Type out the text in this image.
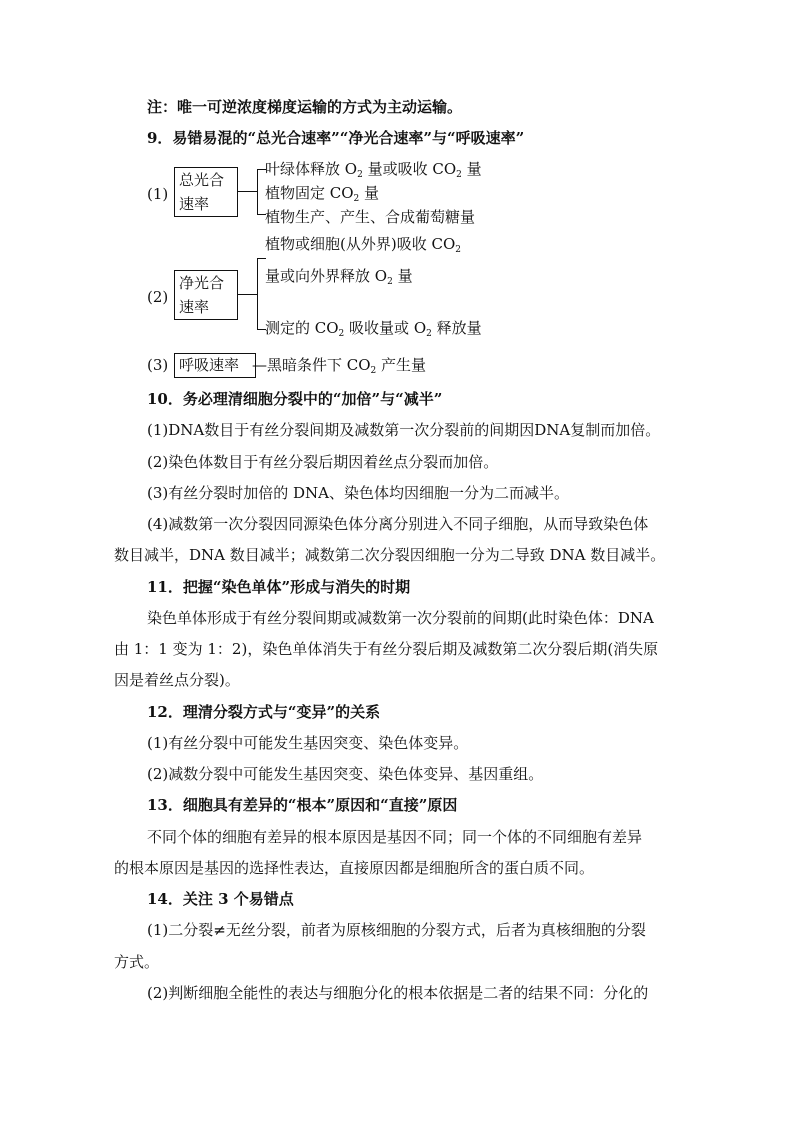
注：唯一可逆浓度梯度运输的方式为主动运输。
9．易错易混的“总光合速率”“净光合速率”与“呼吸速率”
(1)
总光合
速率
叶绿体释放 $O_2$ 量或吸收 $CO_2$ 量
植物固定 $CO_2$ 量
植物生产、产生、合成葡萄糖量
(2)
净光合
速率
植物或细胞(从外界)吸收 $CO_2$
量或向外界释放 $O_2$ 量
测定的 $CO_2$ 吸收量或 $O_2$ 释放量
(3) 呼吸速率 —黑暗条件下 $CO_2$ 产生量
10．务必理清细胞分裂中的“加倍”与“减半”
(1)DNA数目于有丝分裂间期及减数第一次分裂前的间期因DNA复制而加倍。
(2)染色体数目于有丝分裂后期因着丝点分裂而加倍。
(3)有丝分裂时加倍的 DNA、染色体均因细胞一分为二而减半。
(4)减数第一次分裂因同源染色体分离分别进入不同子细胞，从而导致染色体
数目减半，DNA 数目减半；减数第二次分裂因细胞一分为二导致 DNA 数目减半。
11．把握“染色单体”形成与消失的时期
染色单体形成于有丝分裂间期或减数第一次分裂前的间期(此时染色体：DNA
由 1：1 变为 1：2)，染色单体消失于有丝分裂后期及减数第二次分裂后期(消失原
因是着丝点分裂)。
12．理清分裂方式与“变异”的关系
(1)有丝分裂中可能发生基因突变、染色体变异。
(2)减数分裂中可能发生基因突变、染色体变异、基因重组。
13．细胞具有差异的“根本”原因和“直接”原因
不同个体的细胞有差异的根本原因是基因不同；同一个体的不同细胞有差异
的根本原因是基因的选择性表达，直接原因都是细胞所含的蛋白质不同。
14．关注 3 个易错点
(1)二分裂≠无丝分裂，前者为原核细胞的分裂方式，后者为真核细胞的分裂
方式。
(2)判断细胞全能性的表达与细胞分化的根本依据是二者的结果不同：分化的
